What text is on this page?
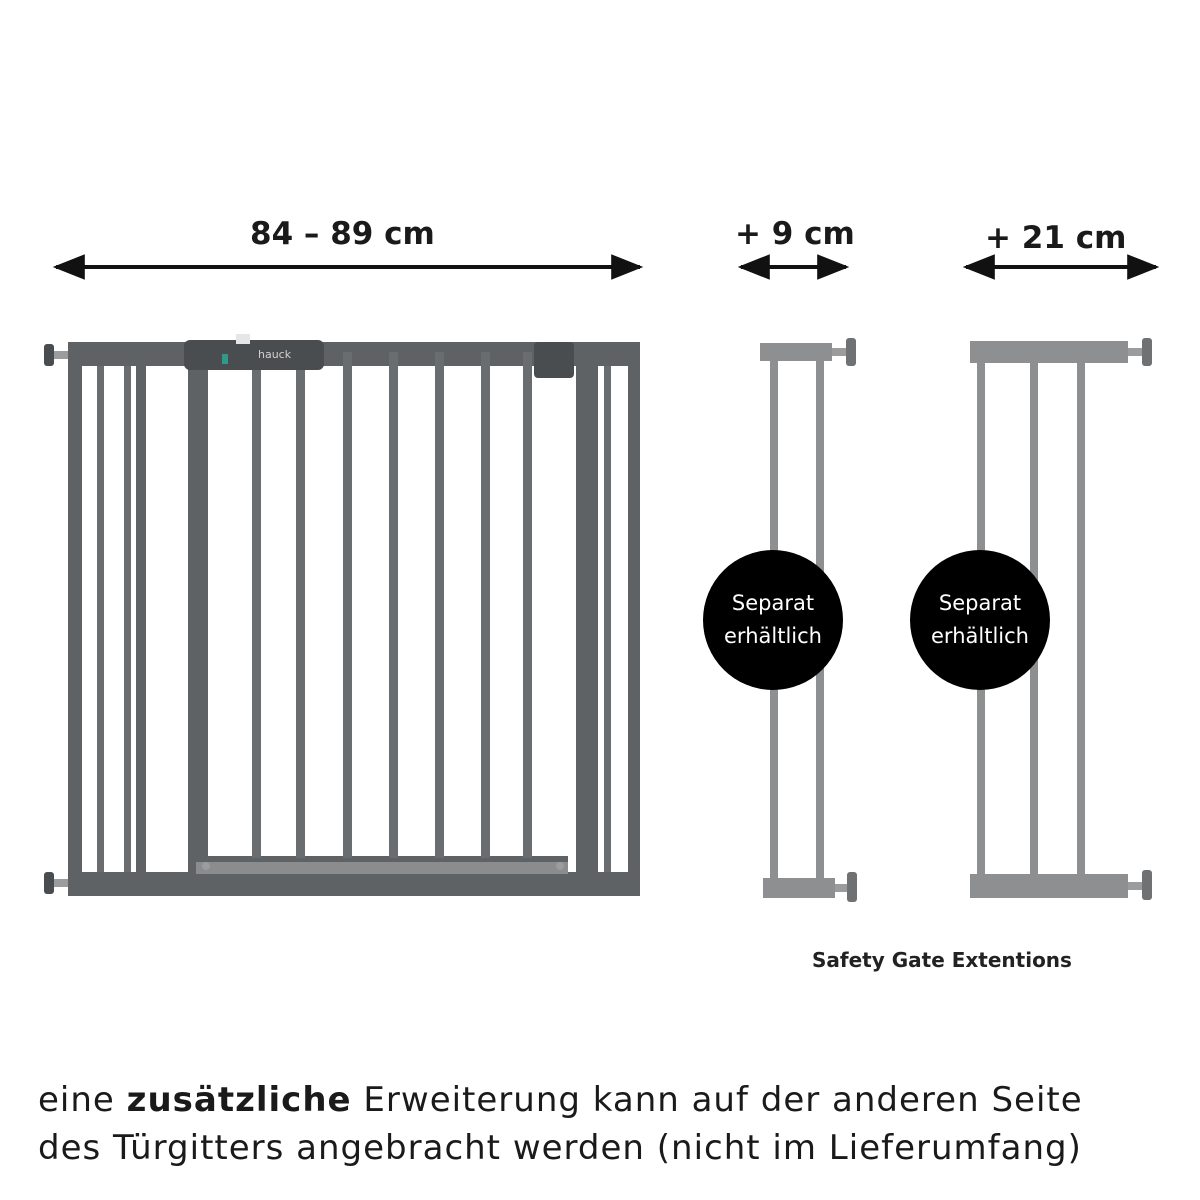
84 – 89 cm	+ 9 cm	+ 21 cm
hauck
Separat
erhältlich
Separat
erhältlich
Safety Gate Extentions
eine zusätzliche Erweiterung kann auf der anderen Seite
des Türgitters angebracht werden (nicht im Lieferumfang)
